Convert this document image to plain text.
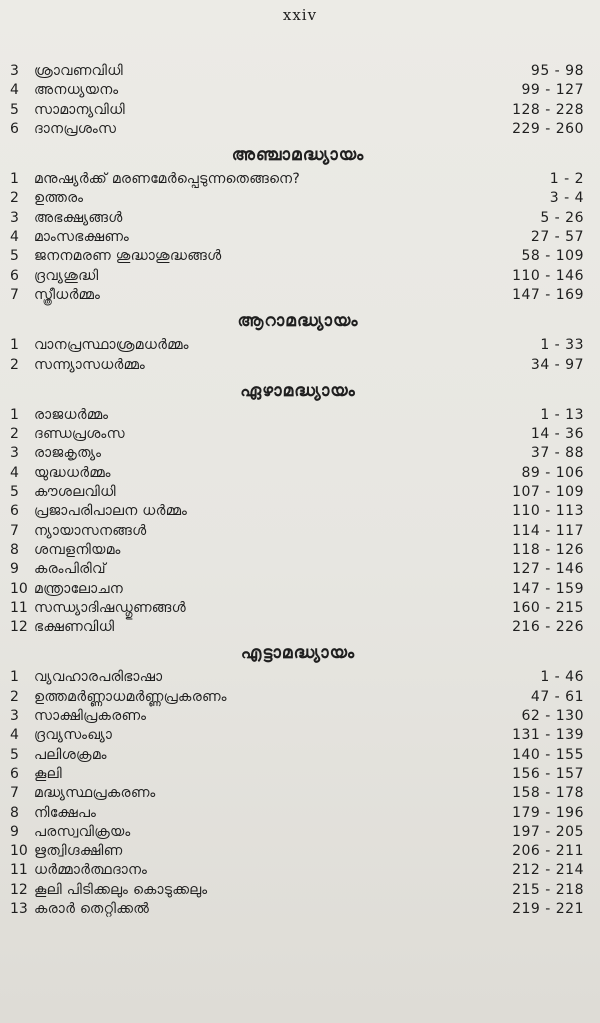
xxiv
3	ശ്രാവണവിധി	95 - 98
4	അനധ്യയനം	99 - 127
5	സാമാന്യവിധി	128 - 228
6	ദാനപ്രശംസ	229 - 260
അഞ്ചാമദ്ധ്യായം
1	മനുഷ്യർക്ക് മരണമേർപ്പെടുന്നതെങ്ങനെ?	1 - 2
2	ഉത്തരം	3 - 4
3	അഭക്ഷ്യങ്ങൾ	5 - 26
4	മാംസഭക്ഷണം	27 - 57
5	ജനനമരണ ശുദ്ധാശുദ്ധങ്ങൾ	58 - 109
6	ദ്രവ്യശുദ്ധി	110 - 146
7	സ്ത്രീധർമ്മം	147 - 169
ആറാമദ്ധ്യായം
1	വാനപ്രസ്ഥാശ്രമധർമ്മം	1 - 33
2	സന്ന്യാസധർമ്മം	34 - 97
ഏഴാമദ്ധ്യായം
1	രാജധർമ്മം	1 - 13
2	ദണ്ഡപ്രശംസ	14 - 36
3	രാജകൃത്യം	37 - 88
4	യുദ്ധധർമ്മം	89 - 106
5	കൗശലവിധി	107 - 109
6	പ്രജാപരിപാലന ധർമ്മം	110 - 113
7	ന്യായാസനങ്ങൾ	114 - 117
8	ശമ്പളനിയമം	118 - 126
9	കരംപിരിവ്	127 - 146
10 മന്ത്രാലോചന	147 - 159
11 സന്ധ്യാദിഷഡ്ഗുണങ്ങൾ	160 - 215
12 ഭക്ഷണവിധി	216 - 226
എട്ടാമദ്ധ്യായം
1	വ്യവഹാരപരിഭാഷാ	1 - 46
2	ഉത്തമർണ്ണാധമർണ്ണപ്രകരണം	47 - 61
3	സാക്ഷിപ്രകരണം	62 - 130
4	ദ്രവ്യസംഖ്യാ	131 - 139
5	പലിശക്രമം	140 - 155
6	കൂലി	156 - 157
7	മദ്ധ്യസ്ഥപ്രകരണം	158 - 178
8	നിക്ഷേപം	179 - 196
9	പരസ്വവിക്രയം	197 - 205
10 ഋത്വിഗ്ദക്ഷിണ	206 - 211
11 ധർമ്മാർത്ഥദാനം	212 - 214
12 കൂലി പിടിക്കലും കൊടുക്കലും	215 - 218
13 കരാർ തെറ്റിക്കൽ	219 - 221
